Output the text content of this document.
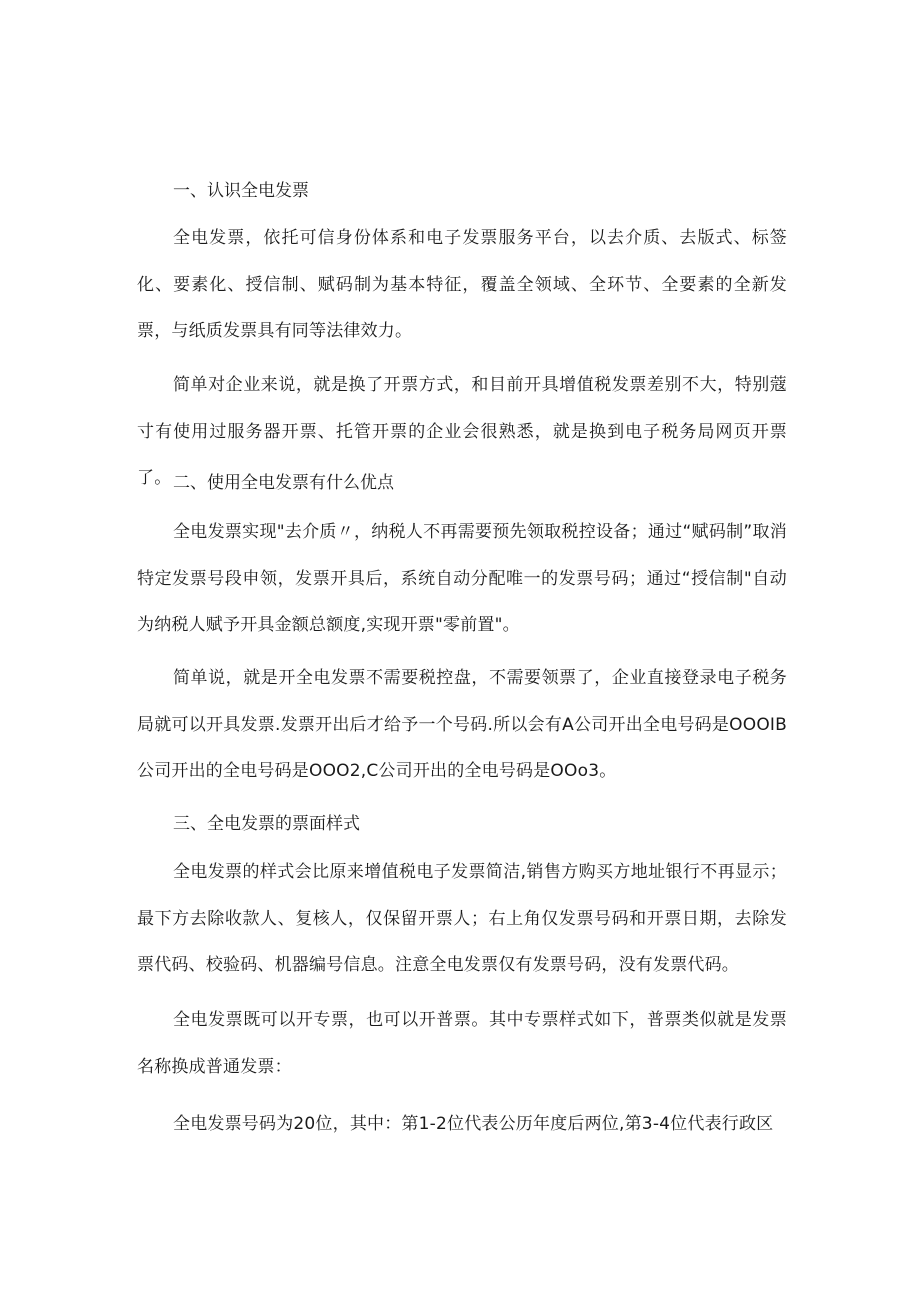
一、认识全电发票

全电发票，依托可信身份体系和电子发票服务平台，以去介质、去版式、标签化、要素化、授信制、赋码制为基本特征，覆盖全领域、全环节、全要素的全新发票，与纸质发票具有同等法律效力。

简单对企业来说，就是换了开票方式，和目前开具增值税发票差别不大，特别蔻寸有使用过服务器开票、托管开票的企业会很熟悉，就是换到电子税务局网页开票了。 二、使用全电发票有什么优点

全电发票实现"去介质〃，纳税人不再需要预先领取税控设备；通过“赋码制”取消特定发票号段申领，发票开具后，系统自动分配唯一的发票号码；通过“授信制"自动为纳税人赋予开具金额总额度,实现开票"零前置"。

简单说，就是开全电发票不需要税控盘，不需要领票了，企业直接登录电子税务局就可以开具发票.发票开出后才给予一个号码.所以会有A公司开出全电号码是OOOIB公司开出的全电号码是OOO2,C公司开出的全电号码是OOo3。

三、全电发票的票面样式

全电发票的样式会比原来增值税电子发票简洁,销售方购买方地址银行不再显示；最下方去除收款人、复核人，仅保留开票人；右上角仅发票号码和开票日期，去除发票代码、校验码、机器编号信息。注意全电发票仅有发票号码，没有发票代码。

全电发票既可以开专票，也可以开普票。其中专票样式如下，普票类似就是发票名称换成普通发票：

全电发票号码为20位，其中：第1-2位代表公历年度后两位,第3-4位代表行政区
